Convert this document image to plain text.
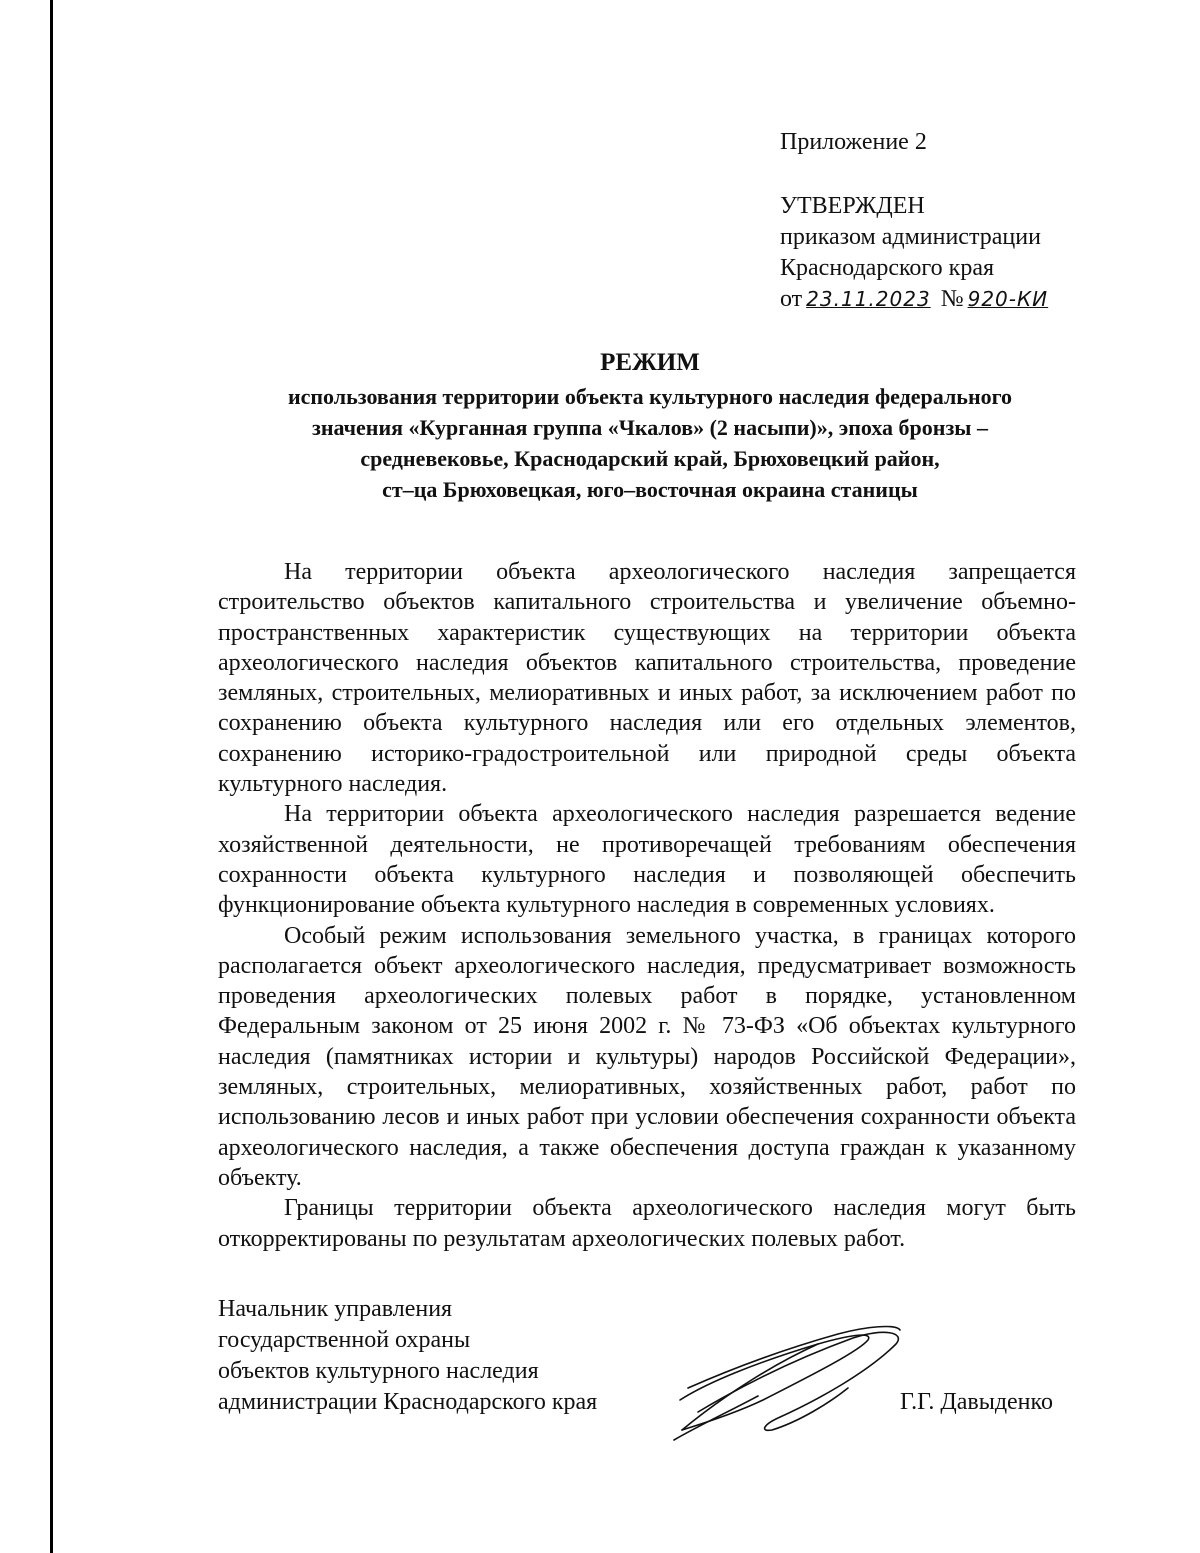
Приложение 2
УТВЕРЖДЕН
приказом администрации
Краснодарского края
от 23.11.2023 № 920-КИ
РЕЖИМ
использования территории объекта культурного наследия федерального
значения «Курганная группа «Чкалов» (2 насыпи)», эпоха бронзы –
средневековье, Краснодарский край, Брюховецкий район,
ст–ца Брюховецкая, юго–восточная окраина станицы

На территории объекта археологического наследия запрещается строительство объектов капитального строительства и увеличение объемно-пространственных характеристик существующих на территории объекта археологического наследия объектов капитального строительства, проведение земляных, строительных, мелиоративных и иных работ, за исключением работ по сохранению объекта культурного наследия или его отдельных элементов, сохранению историко-градостроительной или природной среды объекта культурного наследия.

На территории объекта археологического наследия разрешается ведение хозяйственной деятельности, не противоречащей требованиям обеспечения сохранности объекта культурного наследия и позволяющей обеспечить функционирование объекта культурного наследия в современных условиях.

Особый режим использования земельного участка, в границах которого располагается объект археологического наследия, предусматривает возможность проведения археологических полевых работ в порядке, установленном Федеральным законом от 25 июня 2002 г. № 73-ФЗ «Об объектах культурного наследия (памятниках истории и культуры) народов Российской Федерации», земляных, строительных, мелиоративных, хозяйственных работ, работ по использованию лесов и иных работ при условии обеспечения сохранности объекта археологического наследия, а также обеспечения доступа граждан к указанному объекту.

Границы территории объекта археологического наследия могут быть откорректированы по результатам археологических полевых работ.

Начальник управления
государственной охраны
объектов культурного наследия
администрации Краснодарского края	Г.Г. Давыденко
